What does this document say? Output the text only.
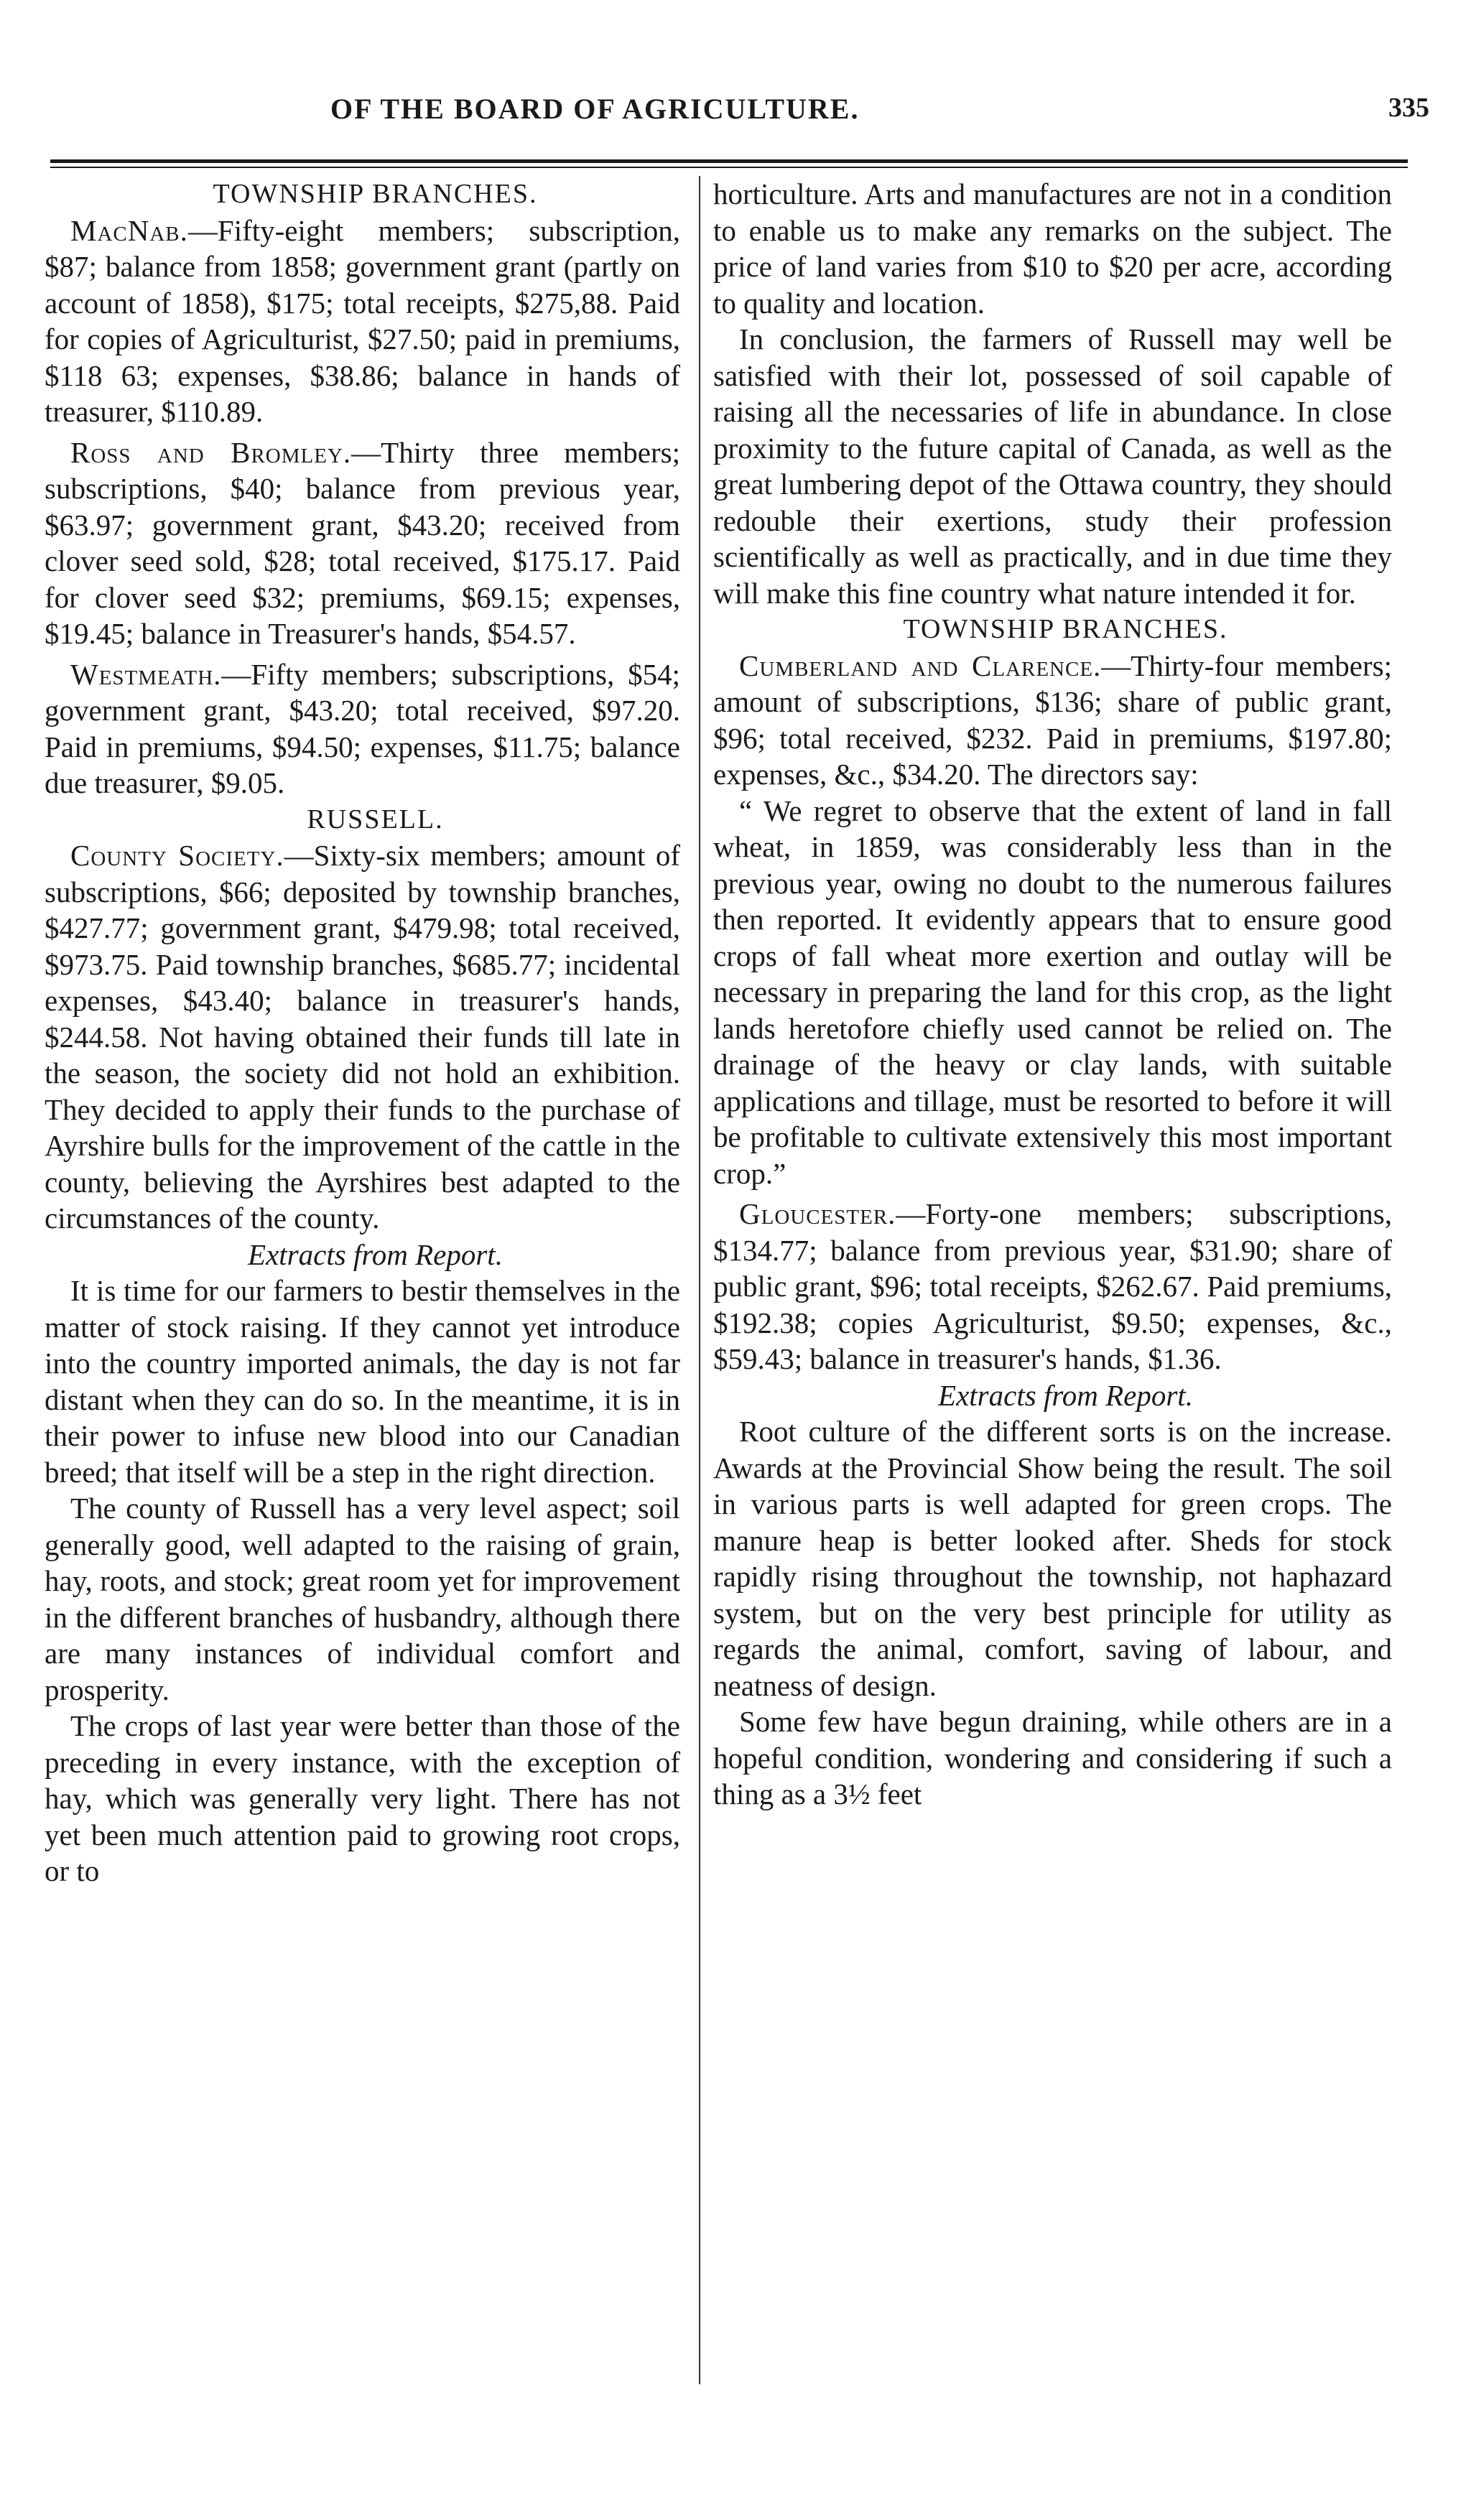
OF THE BOARD OF AGRICULTURE.	335

TOWNSHIP BRANCHES.

MacNab.—Fifty-eight members; subscription, $87; balance from 1858; government grant (partly on account of 1858), $175; total receipts, $275,88. Paid for copies of Agriculturist, $27.50; paid in premiums, $118 63; expenses, $38.86; balance in hands of treasurer, $110.89.

Ross and Bromley.—Thirty three members; subscriptions, $40; balance from previous year, $63.97; government grant, $43.20; received from clover seed sold, $28; total received, $175.17. Paid for clover seed $32; premiums, $69.15; expenses, $19.45; balance in Treasurer's hands, $54.57.

Westmeath.—Fifty members; subscriptions, $54; government grant, $43.20; total received, $97.20. Paid in premiums, $94.50; expenses, $11.75; balance due treasurer, $9.05.

RUSSELL.

County Society.—Sixty-six members; amount of subscriptions, $66; deposited by township branches, $427.77; government grant, $479.98; total received, $973.75. Paid township branches, $685.77; incidental expenses, $43.40; balance in treasurer's hands, $244.58. Not having obtained their funds till late in the season, the society did not hold an exhibition. They decided to apply their funds to the purchase of Ayrshire bulls for the improvement of the cattle in the county, believing the Ayrshires best adapted to the circumstances of the county.

Extracts from Report.

It is time for our farmers to bestir themselves in the matter of stock raising. If they cannot yet introduce into the country imported animals, the day is not far distant when they can do so. In the meantime, it is in their power to infuse new blood into our Canadian breed; that itself will be a step in the right direction.

The county of Russell has a very level aspect; soil generally good, well adapted to the raising of grain, hay, roots, and stock; great room yet for improvement in the different branches of husbandry, although there are many instances of individual comfort and prosperity.

The crops of last year were better than those of the preceding in every instance, with the exception of hay, which was generally very light. There has not yet been much attention paid to growing root crops, or to

horticulture. Arts and manufactures are not in a condition to enable us to make any remarks on the subject. The price of land varies from $10 to $20 per acre, according to quality and location.

In conclusion, the farmers of Russell may well be satisfied with their lot, possessed of soil capable of raising all the necessaries of life in abundance. In close proximity to the future capital of Canada, as well as the great lumbering depot of the Ottawa country, they should redouble their exertions, study their profession scientifically as well as practically, and in due time they will make this fine country what nature intended it for.

TOWNSHIP BRANCHES.

Cumberland and Clarence.—Thirty-four members; amount of subscriptions, $136; share of public grant, $96; total received, $232. Paid in premiums, $197.80; expenses, &c., $34.20. The directors say:

“ We regret to observe that the extent of land in fall wheat, in 1859, was considerably less than in the previous year, owing no doubt to the numerous failures then reported. It evidently appears that to ensure good crops of fall wheat more exertion and outlay will be necessary in preparing the land for this crop, as the light lands heretofore chiefly used cannot be relied on. The drainage of the heavy or clay lands, with suitable applications and tillage, must be resorted to before it will be profitable to cultivate extensively this most important crop.”

Gloucester.—Forty-one members; subscriptions, $134.77; balance from previous year, $31.90; share of public grant, $96; total receipts, $262.67. Paid premiums, $192.38; copies Agriculturist, $9.50; expenses, &c., $59.43; balance in treasurer's hands, $1.36.

Extracts from Report.

Root culture of the different sorts is on the increase. Awards at the Provincial Show being the result. The soil in various parts is well adapted for green crops. The manure heap is better looked after. Sheds for stock rapidly rising throughout the township, not haphazard system, but on the very best principle for utility as regards the animal, comfort, saving of labour, and neatness of design.

Some few have begun draining, while others are in a hopeful condition, wondering and considering if such a thing as a 3½ feet
